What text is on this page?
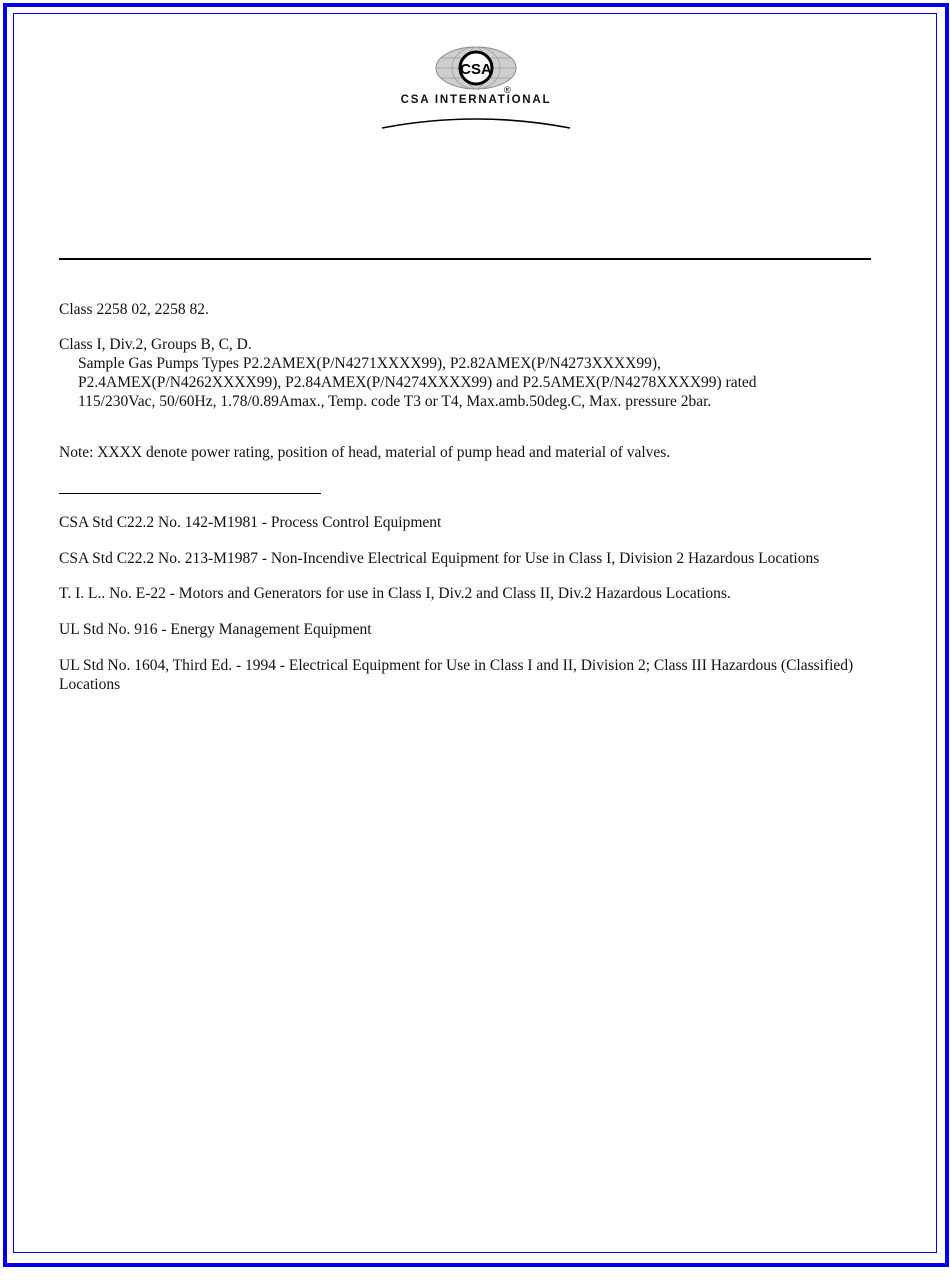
CSA
®
CSA INTERNATIONAL

Class 2258 02, 2258 82.

Class I, Div.2, Groups B, C, D.

Sample Gas Pumps Types P2.2AMEX(P/N4271XXXX99), P2.82AMEX(P/N4273XXXX99),

P2.4AMEX(P/N4262XXXX99), P2.84AMEX(P/N4274XXXX99) and P2.5AMEX(P/N4278XXXX99) rated

115/230Vac, 50/60Hz, 1.78/0.89Amax., Temp. code T3 or T4, Max.amb.50deg.C, Max. pressure 2bar.

Note: XXXX denote power rating, position of head, material of pump head and material of valves.

CSA Std C22.2 No. 142-M1981 - Process Control Equipment

CSA Std C22.2 No. 213-M1987 - Non-Incendive Electrical Equipment for Use in Class I, Division 2 Hazardous Locations

T. I. L.. No. E-22 - Motors and Generators for use in Class I, Div.2 and Class II, Div.2 Hazardous Locations.

UL Std No. 916 - Energy Management Equipment

UL Std No. 1604, Third Ed. - 1994 - Electrical Equipment for Use in Class I and II, Division 2; Class III Hazardous (Classified) Locations
